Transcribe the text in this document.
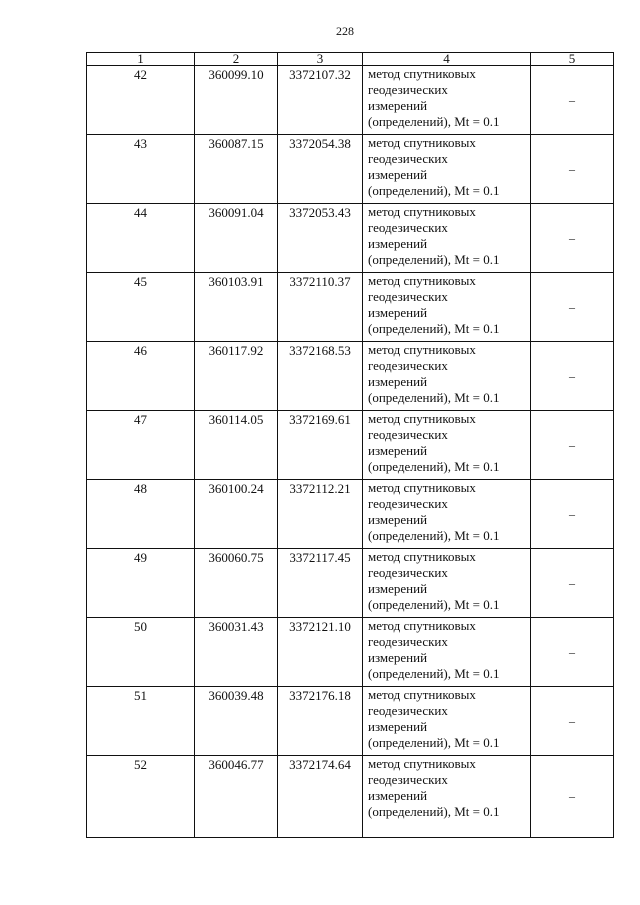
228
1	2	3	4	5
42	360099.10	3372107.32	метод спутниковых
геодезических
измерений
(определений), Mt = 0.1	–
43	360087.15	3372054.38	метод спутниковых
геодезических
измерений
(определений), Mt = 0.1	–
44	360091.04	3372053.43	метод спутниковых
геодезических
измерений
(определений), Mt = 0.1	–
45	360103.91	3372110.37	метод спутниковых
геодезических
измерений
(определений), Mt = 0.1	–
46	360117.92	3372168.53	метод спутниковых
геодезических
измерений
(определений), Mt = 0.1	–
47	360114.05	3372169.61	метод спутниковых
геодезических
измерений
(определений), Mt = 0.1	–
48	360100.24	3372112.21	метод спутниковых
геодезических
измерений
(определений), Mt = 0.1	–
49	360060.75	3372117.45	метод спутниковых
геодезических
измерений
(определений), Mt = 0.1	–
50	360031.43	3372121.10	метод спутниковых
геодезических
измерений
(определений), Mt = 0.1	–
51	360039.48	3372176.18	метод спутниковых
геодезических
измерений
(определений), Mt = 0.1	–
52	360046.77	3372174.64	метод спутниковых
геодезических
измерений
(определений), Mt = 0.1	–
